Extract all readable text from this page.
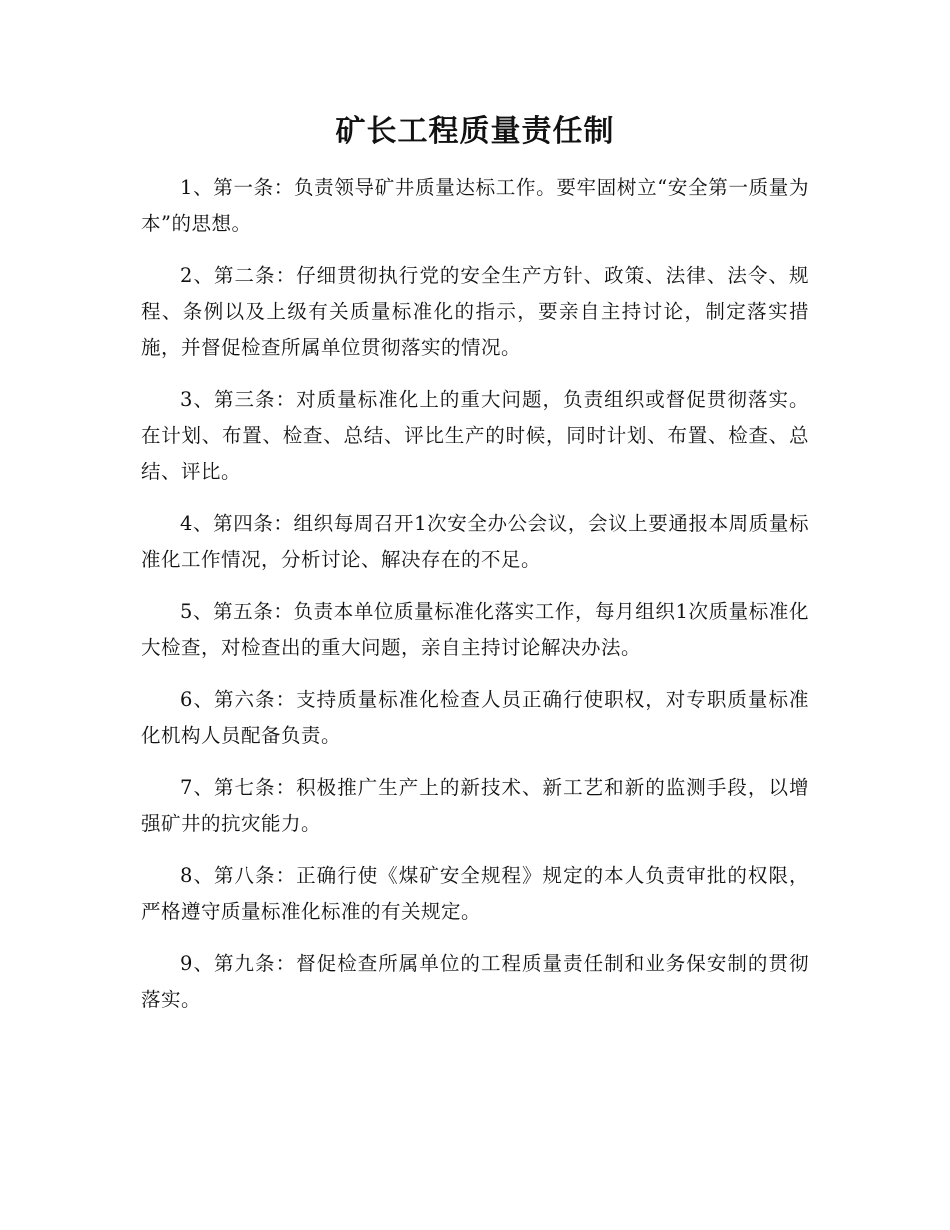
矿长工程质量责任制

1、第一条：负责领导矿井质量达标工作。要牢固树立“安全第一质量为本”的思想。

2、第二条：仔细贯彻执行党的安全生产方针、政策、法律、法令、规程、条例以及上级有关质量标准化的指示，要亲自主持讨论，制定落实措施，并督促检查所属单位贯彻落实的情况。

3、第三条：对质量标准化上的重大问题，负责组织或督促贯彻落实。在计划、布置、检查、总结、评比生产的时候，同时计划、布置、检查、总结、评比。

4、第四条：组织每周召开1次安全办公会议，会议上要通报本周质量标准化工作情况，分析讨论、解决存在的不足。

5、第五条：负责本单位质量标准化落实工作，每月组织1次质量标准化大检查，对检查出的重大问题，亲自主持讨论解决办法。

6、第六条：支持质量标准化检查人员正确行使职权，对专职质量标准化机构人员配备负责。

7、第七条：积极推广生产上的新技术、新工艺和新的监测手段，以增强矿井的抗灾能力。

8、第八条：正确行使《煤矿安全规程》规定的本人负责审批的权限，严格遵守质量标准化标准的有关规定。

9、第九条：督促检查所属单位的工程质量责任制和业务保安制的贯彻落实。
